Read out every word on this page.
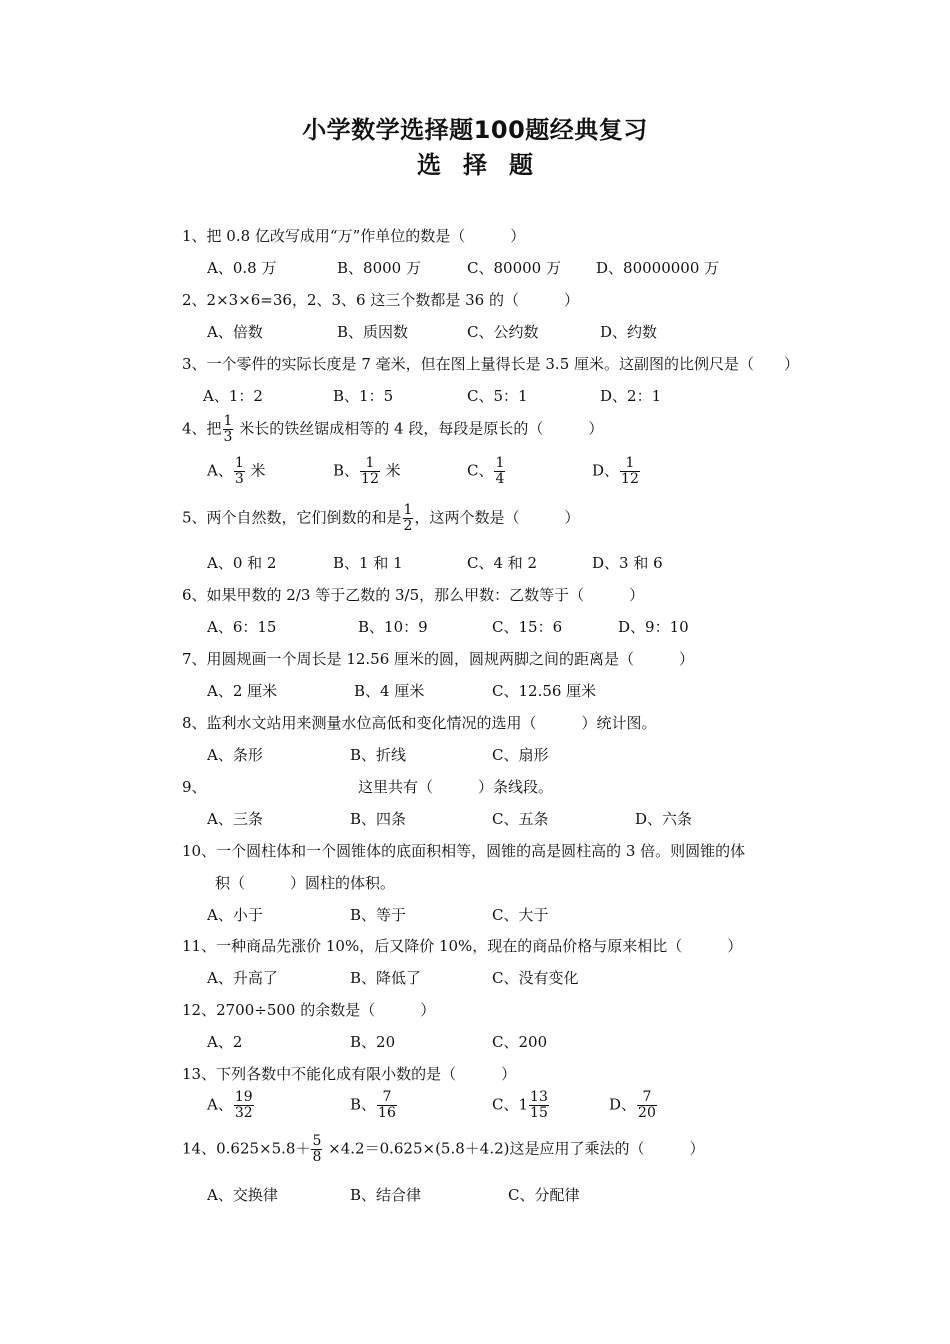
小学数学选择题100题经典复习
选择题
1、把 0.8 亿改写成用“万”作单位的数是（　　　）
A、0.8 万	B、8000 万	C、80000 万 D、80000000 万
2、2×3×6=36，2、3、6 这三个数都是 36 的（　　　）
A、倍数	B、质因数	C、公约数	D、约数
3、一个零件的实际长度是 7 毫米，但在图上量得长是 3.5 厘米。这副图的比例尺是（　　）
A、1：2	B、1：5	C、5：1	D、2：1
4、把 $\frac{1}{3}$ 米长的铁丝锯成相等的 4 段，每段是原长的（　　　）
A、 $\frac{1}{3}$ 米	B、 $\frac{1}{12}$ 米	C、 $\frac{1}{4}$	D、 $\frac{1}{12}$
5、两个自然数，它们倒数的和是 $\frac{1}{2}$ ，这两个数是（　　　）
A、0 和 2	B、1 和 1	C、4 和 2	D、3 和 6
6、如果甲数的 2/3 等于乙数的 3/5，那么甲数：乙数等于（　　　）
A、6：15	B、10：9	C、15：6	D、9：10
7、用圆规画一个周长是 12.56 厘米的圆，圆规两脚之间的距离是（　　　）
A、2 厘米	B、4 厘米	C、12.56 厘米
8、监利水文站用来测量水位高低和变化情况的选用（　　　）统计图。
A、条形	B、折线	C、扇形
9、	这里共有（　　　）条线段。
A、三条	B、四条	C、五条	D、六条
10、一个圆柱体和一个圆锥体的底面积相等，圆锥的高是圆柱高的 3 倍。则圆锥的体
积（　　　）圆柱的体积。
A、小于	B、等于	C、大于
11、一种商品先涨价 10%，后又降价 10%，现在的商品价格与原来相比（　　　）
A、升高了	B、降低了	C、没有变化
12、2700÷500 的余数是（　　　）
A、2	B、20	C、200
13、下列各数中不能化成有限小数的是（　　　）
A、 $\frac{19}{32}$	B、 $\frac{7}{16}$	C、$1 \frac{13}{15}$	D、 $\frac{7}{20}$
14、$0.625\times 5.8+ \frac{5}{8} \times 4.2=0.625\times(5.8+4.2)$这是应用了乘法的（　　　）
A、交换律	B、结合律	C、分配律
